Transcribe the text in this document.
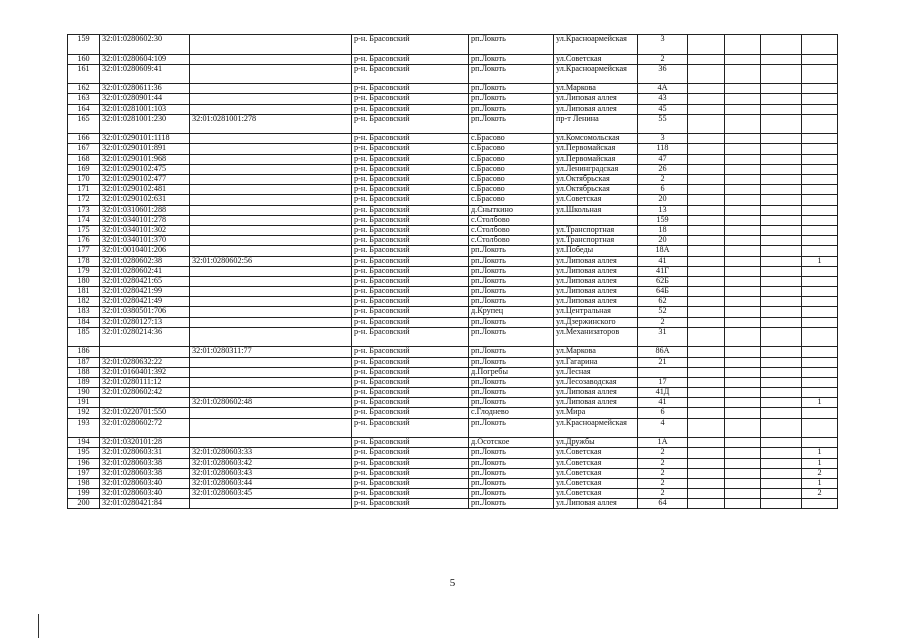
159	32:01:0280602:30		р-н. Брасовский	рп.Локоть	ул.Красноармейская	3				
160	32:01:0280604:109		р-н. Брасовский	рп.Локоть	ул.Советская	2				
161	32:01:0280609:41		р-н. Брасовский	рп.Локоть	ул.Красноармейская	36				
162	32:01:0280611:36		р-н. Брасовский	рп.Локоть	ул.Маркова	4А				
163	32:01:0280901:44		р-н. Брасовский	рп.Локоть	ул.Липовая аллея	43				
164	32:01:0281001:103		р-н. Брасовский	рп.Локоть	ул.Липовая аллея	45				
165	32:01:0281001:230	32:01:0281001:278	р-н. Брасовский	рп.Локоть	пр-т Ленина	55				
166	32:01:0290101:1118		р-н. Брасовский	с.Брасово	ул.Комсомольская	3				
167	32:01:0290101:891		р-н. Брасовский	с.Брасово	ул.Первомайская	118				
168	32:01:0290101:968		р-н. Брасовский	с.Брасово	ул.Первомайская	47				
169	32:01:0290102:475		р-н. Брасовский	с.Брасово	ул.Ленинградская	26				
170	32:01:0290102:477		р-н. Брасовский	с.Брасово	ул.Октябрьская	2				
171	32:01:0290102:481		р-н. Брасовский	с.Брасово	ул.Октябрьская	6				
172	32:01:0290102:631		р-н. Брасовский	с.Брасово	ул.Советская	20				
173	32:01:0310601:288		р-н. Брасовский	д.Сныткино	ул.Школьная	13				
174	32:01:0340101:278		р-н. Брасовский	с.Столбово		159				
175	32:01:0340101:302		р-н. Брасовский	с.Столбово	ул.Транспортная	18				
176	32:01:0340101:370		р-н. Брасовский	с.Столбово	ул.Транспортная	20				
177	32:01:0010401:206		р-н. Брасовский	рп.Локоть	ул.Победы	18А				
178	32:01:0280602:38	32:01:0280602:56	р-н. Брасовский	рп.Локоть	ул.Липовая аллея	41				1
179	32:01:0280602:41		р-н. Брасовский	рп.Локоть	ул.Липовая аллея	41Г				
180	32:01:0280421:65		р-н. Брасовский	рп.Локоть	ул.Липовая аллея	62Б				
181	32:01:0280421:99		р-н. Брасовский	рп.Локоть	ул.Липовая аллея	64Б				
182	32:01:0280421:49		р-н. Брасовский	рп.Локоть	ул.Липовая аллея	62				
183	32:01:0380501:706		р-н. Брасовский	д.Крупец	ул.Центральная	52				
184	32:01:0280127:13		р-н. Брасовский	рп.Локоть	ул.Дзержинского	2				
185	32:01:0280214:36		р-н. Брасовский	рп.Локоть	ул.Механизаторов	31				
186		32:01:0280311:77	р-н. Брасовский	рп.Локоть	ул.Маркова	86А				
187	32:01:0280632:22		р-н. Брасовский	рп.Локоть	ул.Гагарина	21				
188	32:01:0160401:392		р-н. Брасовский	д.Погребы	ул.Лесная					
189	32:01:0280111:12		р-н. Брасовский	рп.Локоть	ул.Лесозаводская	17				
190	32:01:0280602:42		р-н. Брасовский	рп.Локоть	ул.Липовая аллея	41Д				
191		32:01:0280602:48	р-н. Брасовский	рп.Локоть	ул.Липовая аллея	41				1
192	32:01:0220701:550		р-н. Брасовский	с.Глоднево	ул.Мира	6				
193	32:01:0280602:72		р-н. Брасовский	рп.Локоть	ул.Красноармейская	4				
194	32:01:0320101:28		р-н. Брасовский	д.Осотское	ул.Дружбы	1А				
195	32:01:0280603:31	32:01:0280603:33	р-н. Брасовский	рп.Локоть	ул.Советская	2				1
196	32:01:0280603:38	32:01:0280603:42	р-н. Брасовский	рп.Локоть	ул.Советская	2				1
197	32:01:0280603:38	32:01:0280603:43	р-н. Брасовский	рп.Локоть	ул.Советская	2				2
198	32:01:0280603:40	32:01:0280603:44	р-н. Брасовский	рп.Локоть	ул.Советская	2				1
199	32:01:0280603:40	32:01:0280603:45	р-н. Брасовский	рп.Локоть	ул.Советская	2				2
200	32:01:0280421:84		р-н. Брасовский	рп.Локоть	ул.Липовая аллея	64				
5
